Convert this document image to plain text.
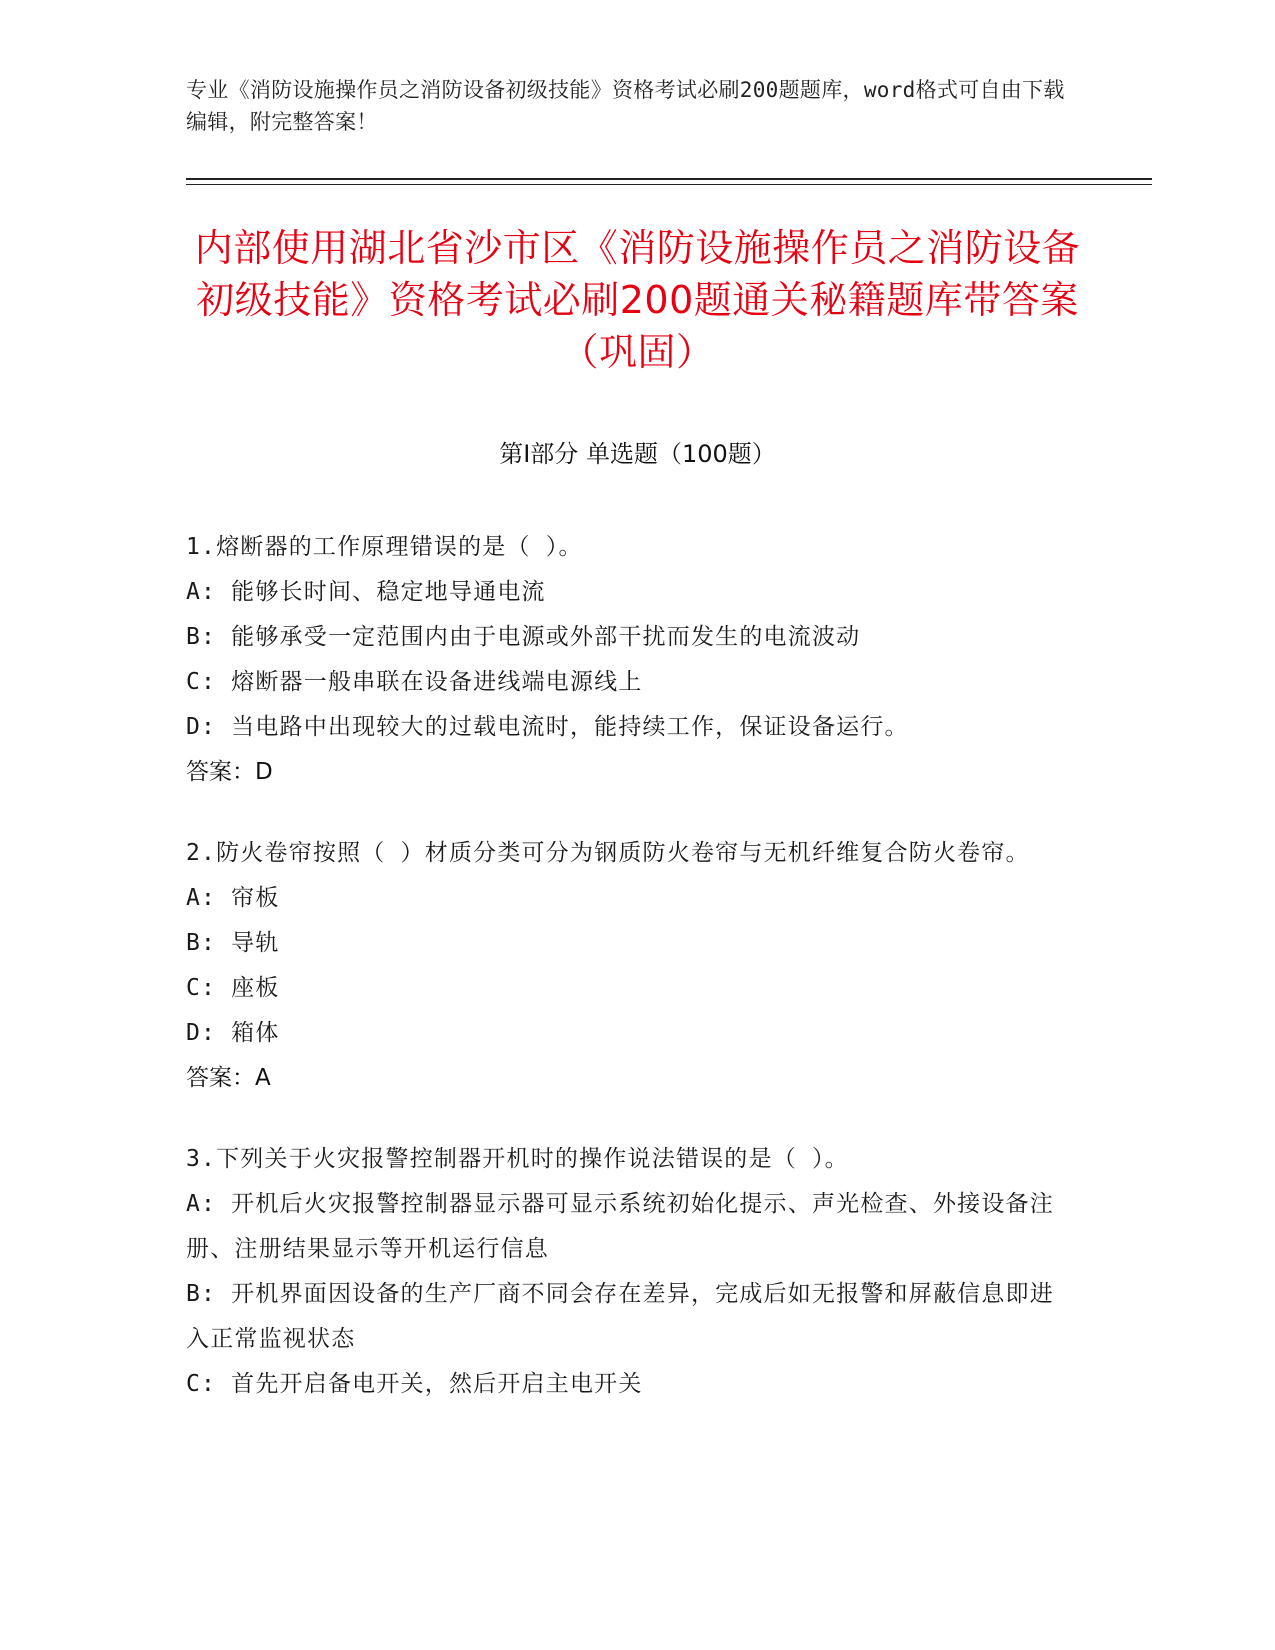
专业《消防设施操作员之消防设备初级技能》资格考试必刷200题题库，word格式可自由下载编辑，附完整答案！
内部使用湖北省沙市区《消防设施操作员之消防设备初级技能》资格考试必刷200题通关秘籍题库带答案（巩固）
第Ⅰ部分 单选题（100题）

1.熔断器的工作原理错误的是（ ）。

A: 能够长时间、稳定地导通电流

B: 能够承受一定范围内由于电源或外部干扰而发生的电流波动

C: 熔断器一般串联在设备进线端电源线上

D: 当电路中出现较大的过载电流时，能持续工作，保证设备运行。

答案：D

2.防火卷帘按照（ ）材质分类可分为钢质防火卷帘与无机纤维复合防火卷帘。

A: 帘板

B: 导轨

C: 座板

D: 箱体

答案：A

3.下列关于火灾报警控制器开机时的操作说法错误的是（ ）。

A: 开机后火灾报警控制器显示器可显示系统初始化提示、声光检查、外接设备注册、注册结果显示等开机运行信息

B: 开机界面因设备的生产厂商不同会存在差异，完成后如无报警和屏蔽信息即进入正常监视状态

C: 首先开启备电开关，然后开启主电开关
